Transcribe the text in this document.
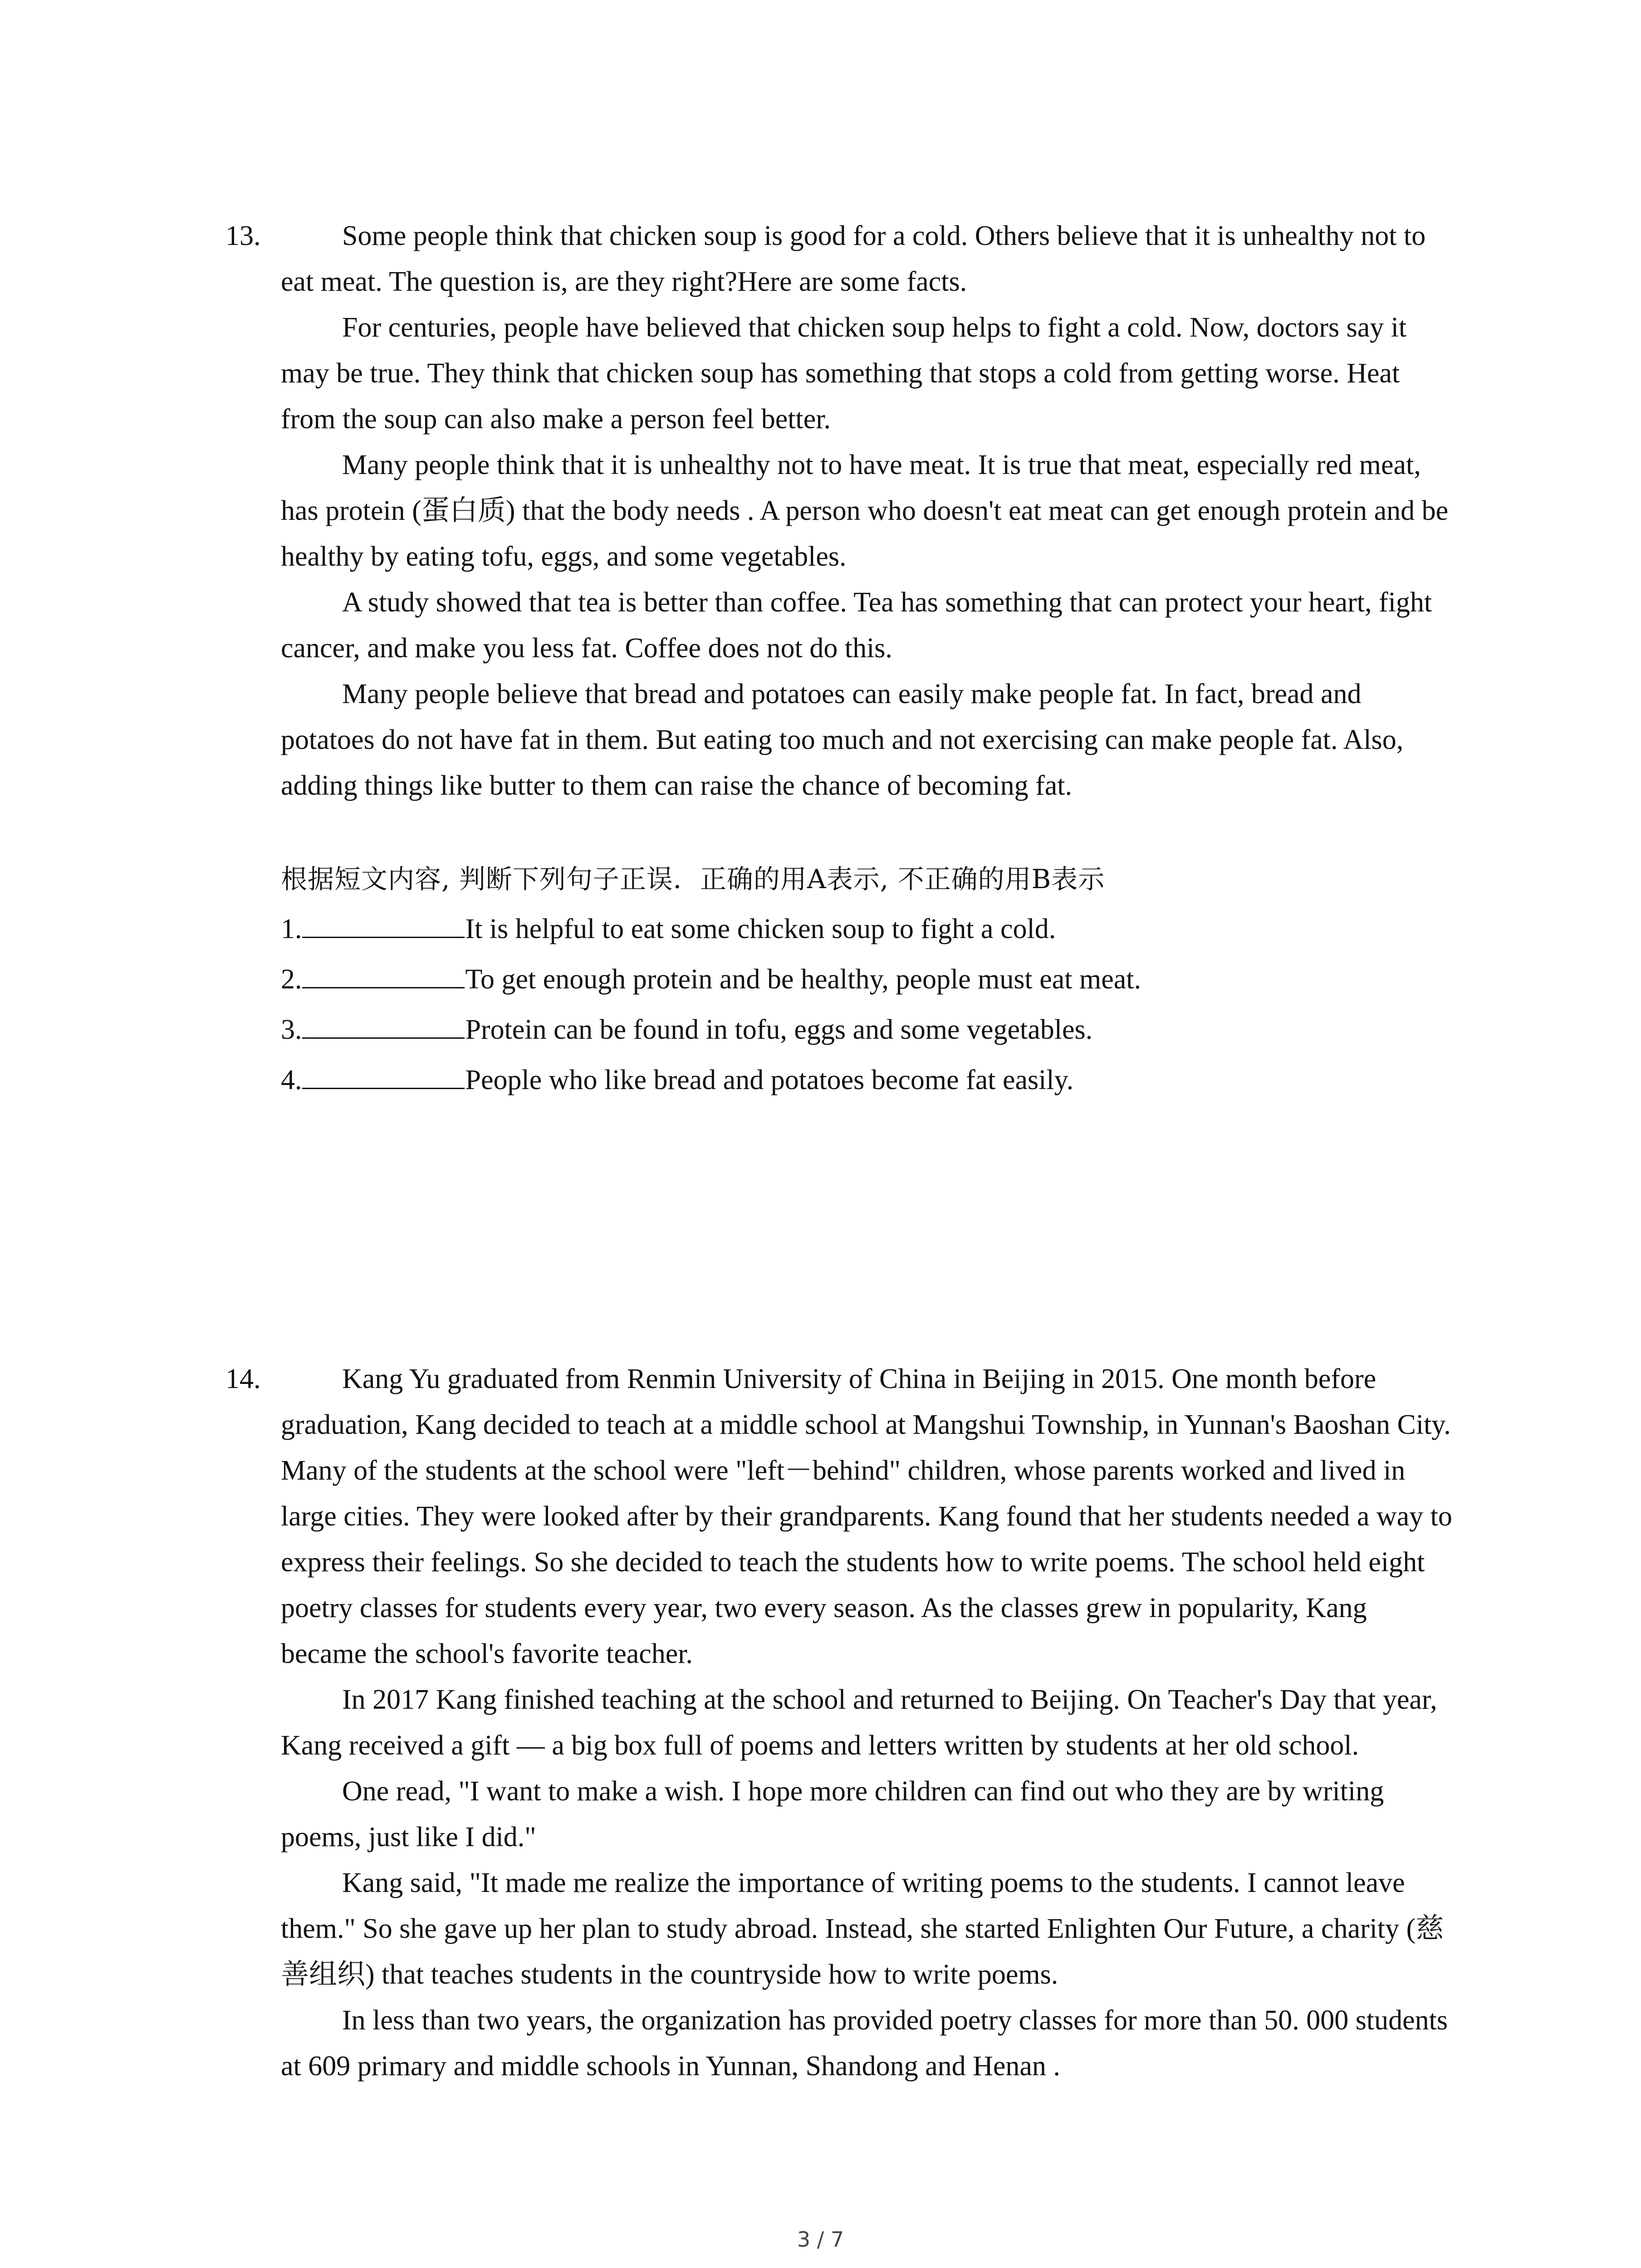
13.	Some people think that chicken soup is good for a cold. Others believe that it is unhealthy not to eat meat. The question is, are they right?Here are some facts.

For centuries, people have believed that chicken soup helps to fight a cold. Now, doctors say it may be true. They think that chicken soup has something that stops a cold from getting worse. Heat from the soup can also make a person feel better.

Many people think that it is unhealthy not to have meat. It is true that meat, especially red meat, has protein (蛋白质) that the body needs . A person who doesn't eat meat can get enough protein and be healthy by eating tofu, eggs, and some vegetables.

A study showed that tea is better than coffee. Tea has something that can protect your heart, fight cancer, and make you less fat. Coffee does not do this.

Many people believe that bread and potatoes can easily make people fat. In fact, bread and potatoes do not have fat in them. But eating too much and not exercising can make people fat. Also, adding things like butter to them can raise the chance of becoming fat.

根据短文内容, 判断下列句子正误．正确的用A表示, 不正确的用B表示
1.	It is helpful to eat some chicken soup to fight a cold.
2.	To get enough protein and be healthy, people must eat meat.
3.	Protein can be found in tofu, eggs and some vegetables.
4.	People who like bread and potatoes become fat easily.
14.	Kang Yu graduated from Renmin University of China in Beijing in 2015. One month before graduation, Kang decided to teach at a middle school at Mangshui Township, in Yunnan's Baoshan City. Many of the students at the school were "left－behind" children, whose parents worked and lived in large cities. They were looked after by their grandparents. Kang found that her students needed a way to express their feelings. So she decided to teach the students how to write poems. The school held eight poetry classes for students every year, two every season. As the classes grew in popularity, Kang became the school's favorite teacher.

In 2017 Kang finished teaching at the school and returned to Beijing. On Teacher's Day that year, Kang received a gift — a big box full of poems and letters written by students at her old school.

One read, "I want to make a wish. I hope more children can find out who they are by writing poems, just like I did."

Kang said, "It made me realize the importance of writing poems to the students. I cannot leave them." So she gave up her plan to study abroad. Instead, she started Enlighten Our Future, a charity (慈善组织) that teaches students in the countryside how to write poems.

In less than two years, the organization has provided poetry classes for more than 50. 000 students at 609 primary and middle schools in Yunnan, Shandong and Henan .

3 / 7
